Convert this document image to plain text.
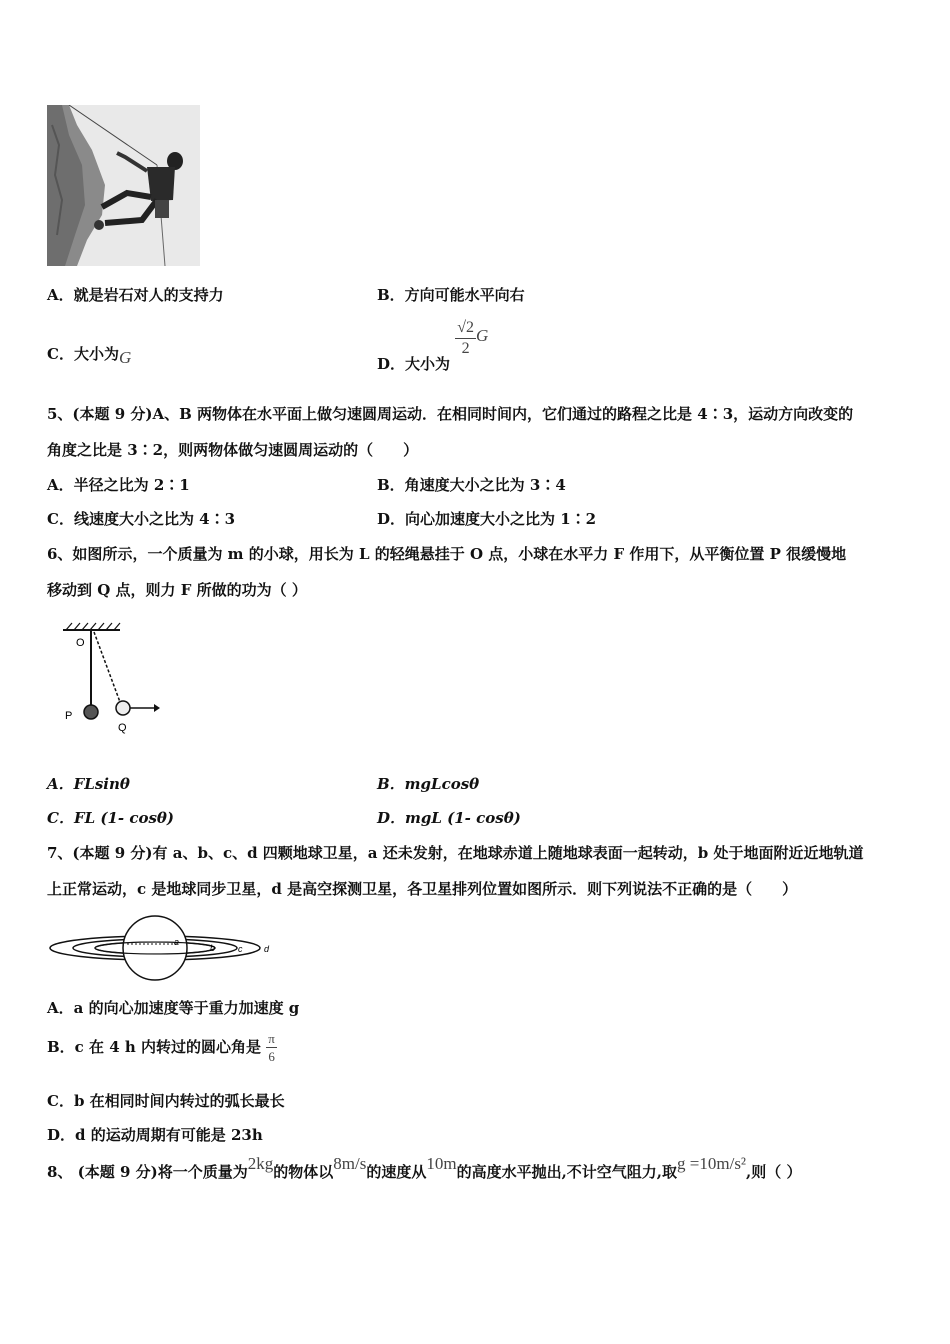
A．就是岩石对人的支持力	B．方向可能水平向右
C．大小为G	D．大小为
$\frac{√2}{2}$ G
5、(本题 9 分)A、B 两物体在水平面上做匀速圆周运动．在相同时间内，它们通过的路程之比是 4∶3，运动方向改变的
角度之比是 3∶2，则两物体做匀速圆周运动的（　　）
A．半径之比为 2∶1	B．角速度大小之比为 3∶4
C．线速度大小之比为 4∶3	D．向心加速度大小之比为 1∶2
6、如图所示，一个质量为 m 的小球，用长为 L 的轻绳悬挂于 O 点，小球在水平力 F 作用下，从平衡位置 P 很缓慢地
移动到 Q 点，则力 F 所做的功为（ ）
O
P
Q
A．FLsinθ	B．mgLcosθ
C．FL (1- cosθ)	D．mgL (1- cosθ)
7、(本题 9 分)有 a、b、c、d 四颗地球卫星，a 还未发射，在地球赤道上随地球表面一起转动，b 处于地面附近近地轨道
上正常运动，c 是地球同步卫星，d 是高空探测卫星，各卫星排列位置如图所示．则下列说法不正确的是（　　）
a
b	c d
A．a 的向心加速度等于重力加速度 g
B．c 在 4 h 内转过的圆心角是 $\frac{\pi}{6}$
C．b 在相同时间内转过的弧长最长
D．d 的运动周期有可能是 23h
8、 (本题 9 分)将一个质量为2kg的物体以8m/s的速度从10m的高度水平抛出,不计空气阻力,取g =10m/s²,则（ ）
